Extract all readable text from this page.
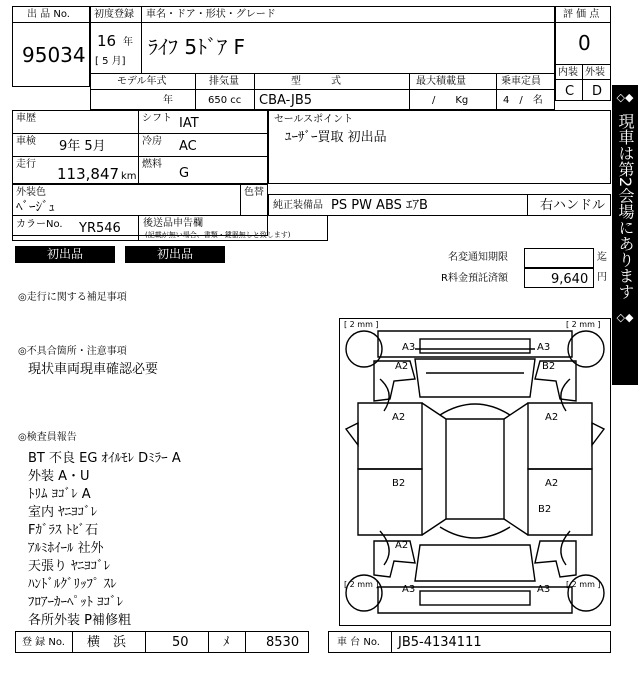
出 品 No.
95034
初度登録
16 年
[ 5 月]
車名・ドア・形状・グレード
ﾗｲﾌ 5ﾄﾞｱ F
評 価 点
0
内装 外装
C D
モデル年式
年
排気量
650 cc
型　　　式
CBA-JB5
最大積載量
/　　Kg
乗車定員
4　/　名
車歴	シフト IAT
車検 9年 5月	冷房 AC
走行
113,847 km
燃料
G
セールスポイント
ﾕｰｻﾞｰ買取 初出品
外装色
ﾍﾞｰｼﾞｭ
色替
純正装備品 PS PW ABS ｴｱB	右ハンドル
カラーNo. YR546 後送品申告欄
(記載が無い場合、書類・鍵器無しと致します)
初出品	初出品	名変通知期限	迄
R料金預託済額	9,640 円
◎走行に関する補足事項
◎不具合箇所・注意事項
現状車両現車確認必要
◎検査員報告
BT 不良 EG ｵｲﾙﾓﾚ Dﾐﾗｰ A
外装 A・U
ﾄﾘﾑ ﾖｺﾞﾚ A
室内 ﾔﾆﾖｺﾞﾚ
Fｶﾞﾗｽ ﾄﾋﾞ石
ｱﾙﾐﾎｲｰﾙ 社外
天張り ﾔﾆﾖｺﾞﾚ
ﾊﾝﾄﾞﾙｸﾞﾘｯﾌﾟ ｽﾚ
ﾌﾛｱｰｶｰﾍﾟｯﾄ ﾖｺﾞﾚ
各所外装 P補修粗
[ 2 mm ]	[ 2 mm ]
[ 2 mm ]	[ 2 mm ]
A3	A3
A2	B2
A2	A2
B2	A2
A2
B2
A3	A3
◇◆
現車は第2会場にあります
◇◆
登 録 No. 横　浜	50	ﾒ	8530	車 台 No. JB5-4134111
